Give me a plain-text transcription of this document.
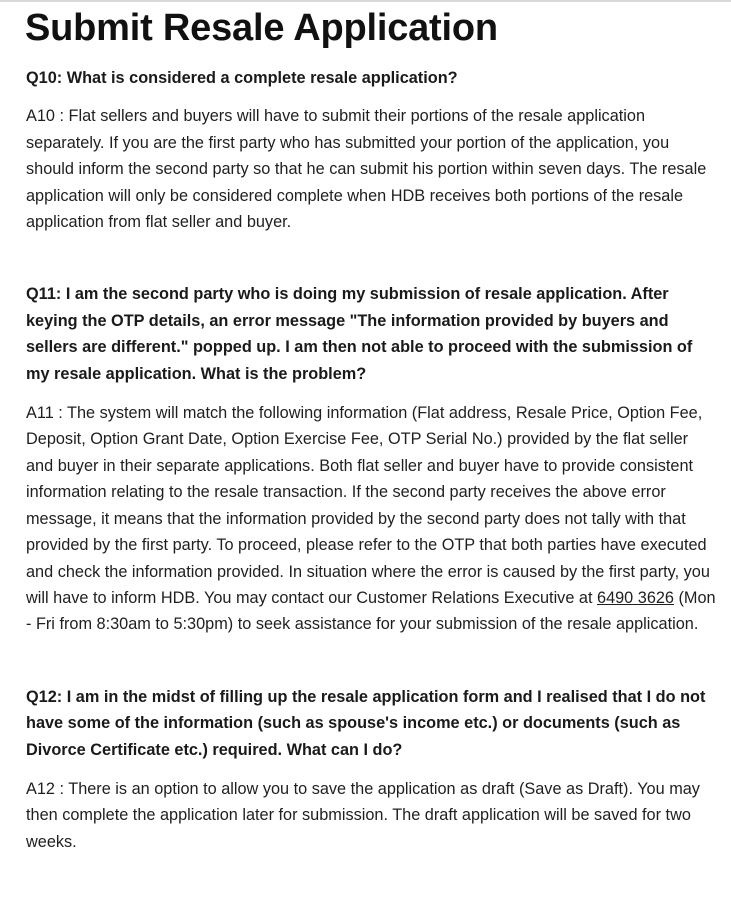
Submit Resale Application

Q10: What is considered a complete resale application?

A10 : Flat sellers and buyers will have to submit their portions of the resale application separately. If you are the first party who has submitted your portion of the application, you should inform the second party so that he can submit his portion within seven days. The resale application will only be considered complete when HDB receives both portions of the resale application from flat seller and buyer.

Q11: I am the second party who is doing my submission of resale application. After keying the OTP details, an error message "The information provided by buyers and sellers are different." popped up. I am then not able to proceed with the submission of my resale application. What is the problem?

A11 : The system will match the following information (Flat address, Resale Price, Option Fee, Deposit, Option Grant Date, Option Exercise Fee, OTP Serial No.) provided by the flat seller and buyer in their separate applications. Both flat seller and buyer have to provide consistent information relating to the resale transaction. If the second party receives the above error message, it means that the information provided by the second party does not tally with that provided by the first party. To proceed, please refer to the OTP that both parties have executed and check the information provided. In situation where the error is caused by the first party, you will have to inform HDB. You may contact our Customer Relations Executive at 6490 3626 (Mon - Fri from 8:30am to 5:30pm) to seek assistance for your submission of the resale application.

Q12: I am in the midst of filling up the resale application form and I realised that I do not have some of the information (such as spouse's income etc.) or documents (such as Divorce Certificate etc.) required. What can I do?

A12 : There is an option to allow you to save the application as draft (Save as Draft). You may then complete the application later for submission. The draft application will be saved for two weeks.
